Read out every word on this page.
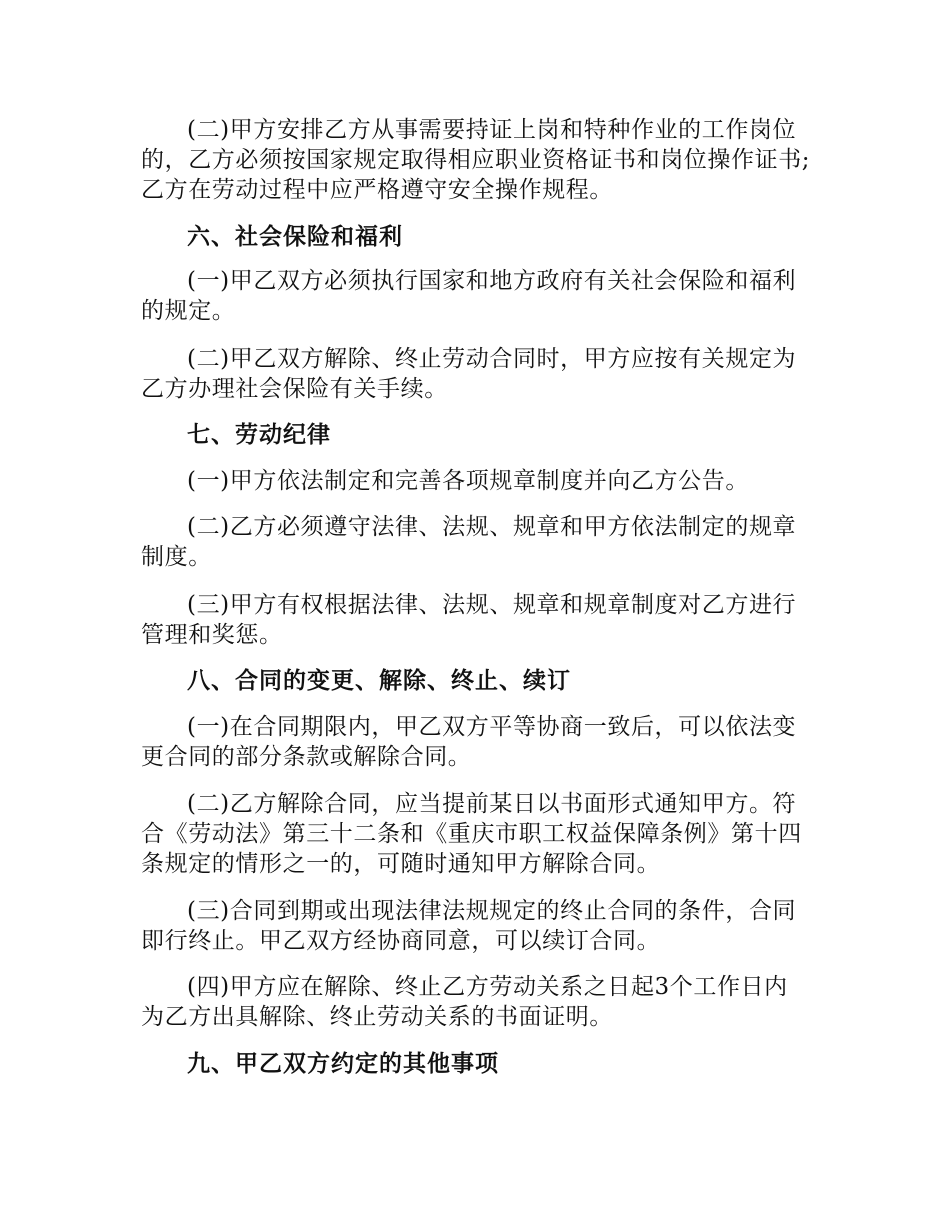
(二)甲方安排乙方从事需要持证上岗和特种作业的工作岗位的，乙方必须按国家规定取得相应职业资格证书和岗位操作证书;乙方在劳动过程中应严格遵守安全操作规程。

六、社会保险和福利

(一)甲乙双方必须执行国家和地方政府有关社会保险和福利的规定。

(二)甲乙双方解除、终止劳动合同时，甲方应按有关规定为乙方办理社会保险有关手续。

七、劳动纪律

(一)甲方依法制定和完善各项规章制度并向乙方公告。

(二)乙方必须遵守法律、法规、规章和甲方依法制定的规章制度。

(三)甲方有权根据法律、法规、规章和规章制度对乙方进行管理和奖惩。

八、合同的变更、解除、终止、续订

(一)在合同期限内，甲乙双方平等协商一致后，可以依法变更合同的部分条款或解除合同。

(二)乙方解除合同，应当提前某日以书面形式通知甲方。符合《劳动法》第三十二条和《重庆市职工权益保障条例》第十四条规定的情形之一的，可随时通知甲方解除合同。

(三)合同到期或出现法律法规规定的终止合同的条件，合同即行终止。甲乙双方经协商同意，可以续订合同。

(四)甲方应在解除、终止乙方劳动关系之日起3个工作日内为乙方出具解除、终止劳动关系的书面证明。

九、甲乙双方约定的其他事项
